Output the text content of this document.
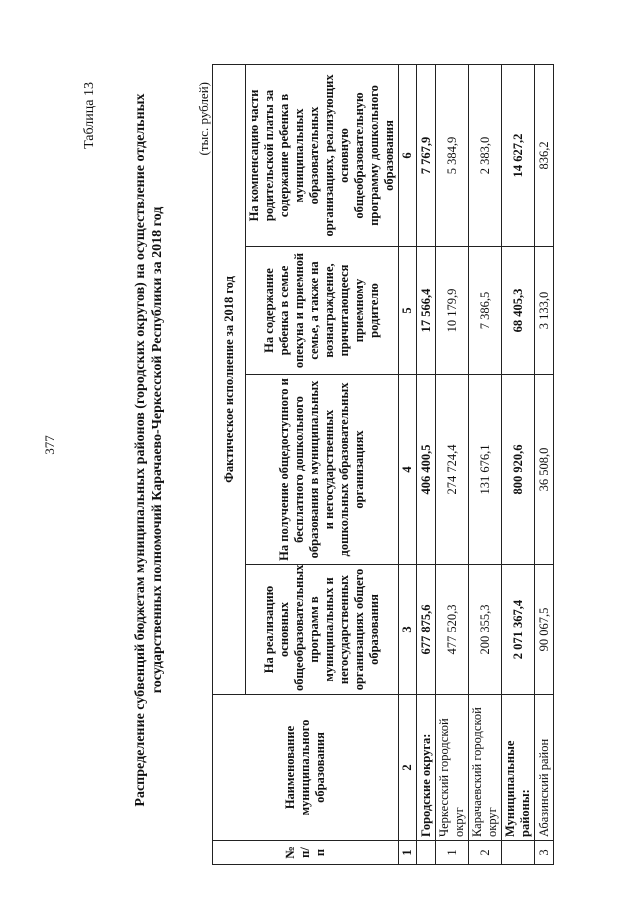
377
Таблица 13	Распределение субвенций бюджетам муниципальных районов (городских округов) на осуществление отдельных государственных полномочий Карачаево-Черкесской Республики за 2018 год
(тыс. рублей)
№ п/п	Наименование муниципального образования	Фактическое исполнение за 2018 год			
		На реализацию основных общеобразовательных программ в муниципальных и негосударственных организациях общего образования	На получение общедоступного и бесплатного дошкольного образования в муниципальных и негосударственных дошкольных образовательных организациях	На содержание ребенка в семье опекуна и приемной семье, а также на вознаграждение, причитающееся приемному родителю	На компенсацию части родительской платы за содержание ребенка в муниципальных образовательных организациях, реализующих основную общеобразовательную программу дошкольного образования
1	2	3	4	5	6
	Городские округа:	677 875,6	406 400,5	17 566,4	7 767,9
1	Черкесский городской округ	477 520,3	274 724,4	10 179,9	5 384,9
2	Карачаевский городской округ	200 355,3	131 676,1	7 386,5	2 383,0
	Муниципальные районы:	2 071 367,4	800 920,6	68 405,3	14 627,2
3	Абазинский район	90 067,5	36 508,0	3 133,0	836,2
